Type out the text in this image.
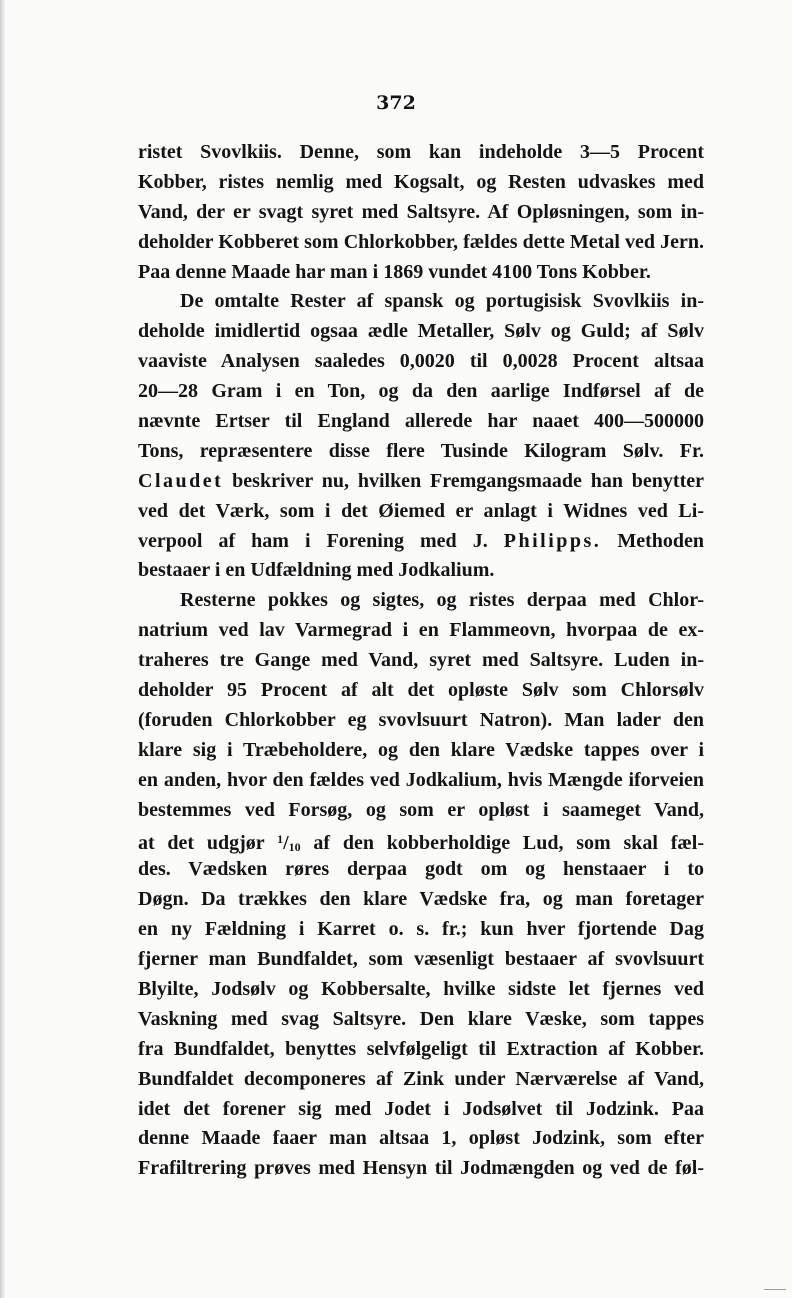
372
ristet Svovlkiis. Denne, som kan indeholde 3—5 Procent
Kobber, ristes nemlig med Kogsalt, og Resten udvaskes med
Vand, der er svagt syret med Saltsyre. Af Opløsningen, som in-
deholder Kobberet som Chlorkobber, fældes dette Metal ved Jern.
Paa denne Maade har man i 1869 vundet 4100 Tons Kobber.
De omtalte Rester af spansk og portugisisk Svovlkiis in-
deholde imidlertid ogsaa ædle Metaller, Sølv og Guld; af Sølv
vaaviste Analysen saaledes 0,0020 til 0,0028 Procent altsaa
20—28 Gram i en Ton, og da den aarlige Indførsel af de
nævnte Ertser til England allerede har naaet 400—500000
Tons, repræsentere disse flere Tusinde Kilogram Sølv. Fr.
Claudet beskriver nu, hvilken Fremgangsmaade han benytter
ved det Værk, som i det Øiemed er anlagt i Widnes ved Li-
verpool af ham i Forening med J. Philipps. Methoden
bestaaer i en Udfældning med Jodkalium.
Resterne pokkes og sigtes, og ristes derpaa med Chlor-
natrium ved lav Varmegrad i en Flammeovn, hvorpaa de ex-
traheres tre Gange med Vand, syret med Saltsyre. Luden in-
deholder 95 Procent af alt det opløste Sølv som Chlorsølv
(foruden Chlorkobber eg svovlsuurt Natron). Man lader den
klare sig i Træbeholdere, og den klare Vædske tappes over i
en anden, hvor den fældes ved Jodkalium, hvis Mængde iforveien
bestemmes ved Forsøg, og som er opløst i saameget Vand,
at det udgjør $^1/_{10}$ af den kobberholdige Lud, som skal fæl-
des. Vædsken røres derpaa godt om og henstaaer i to
Døgn. Da trækkes den klare Vædske fra, og man foretager
en ny Fældning i Karret o. s. fr.; kun hver fjortende Dag
fjerner man Bundfaldet, som væsenligt bestaaer af svovlsuurt
Blyilte, Jodsølv og Kobbersalte, hvilke sidste let fjernes ved
Vaskning med svag Saltsyre. Den klare Væske, som tappes
fra Bundfaldet, benyttes selvfølgeligt til Extraction af Kobber.
Bundfaldet decomponeres af Zink under Nærværelse af Vand,
idet det forener sig med Jodet i Jodsølvet til Jodzink. Paa
denne Maade faaer man altsaa 1, opløst Jodzink, som efter
Frafiltrering prøves med Hensyn til Jodmængden og ved de føl-
